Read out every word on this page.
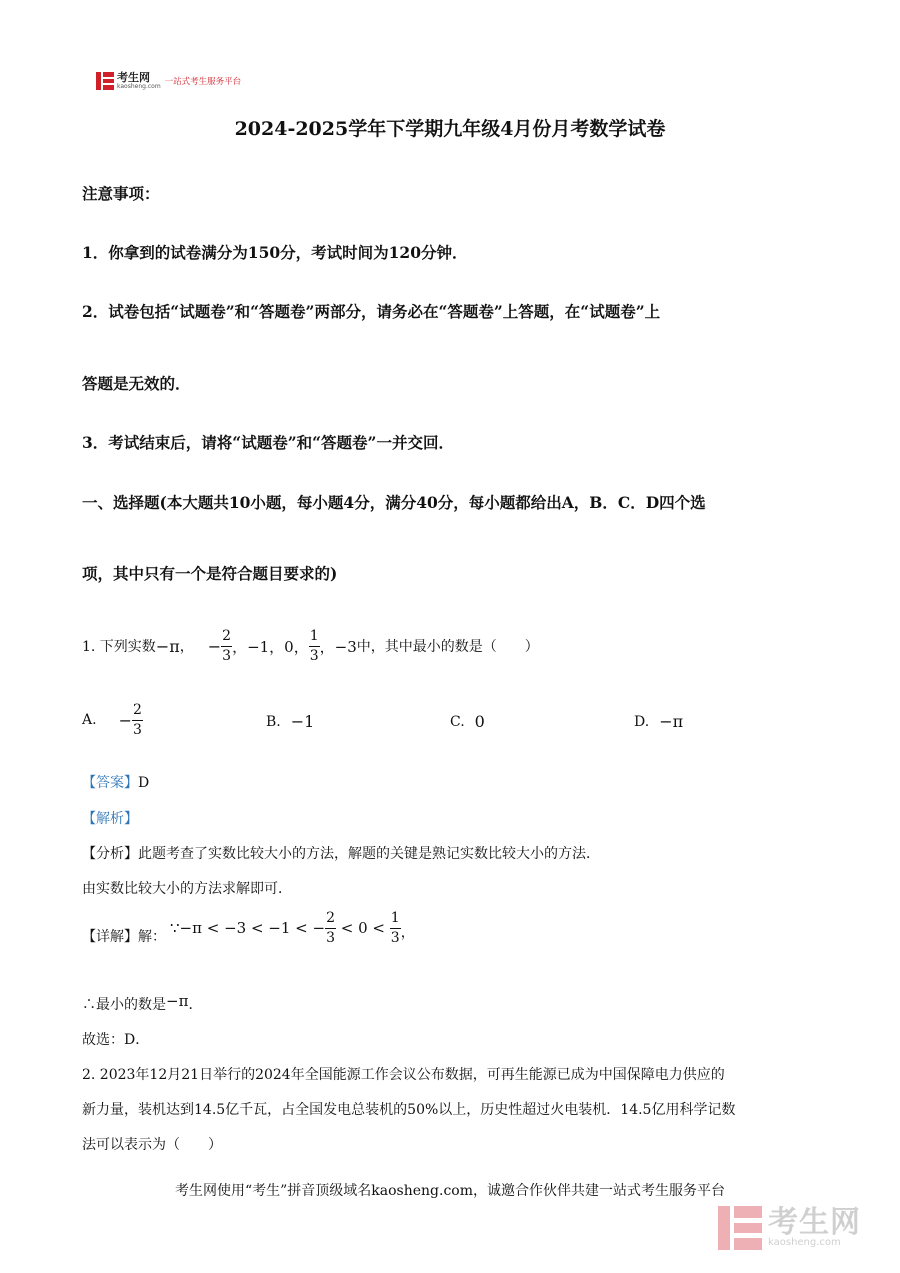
考生网
kaosheng.com 一站式考生服务平台
2024-2025学年下学期九年级4月份月考数学试卷
注意事项：
1．你拿到的试卷满分为150分，考试时间为120分钟．
2．试卷包括“试题卷”和“答题卷”两部分，请务必在“答题卷”上答题，在“试题卷”上
答题是无效的．
3．考试结束后，请将“试题卷”和“答题卷”一并交回．
一、选择题(本大题共10小题，每小题4分，满分40分，每小题都给出A，B．C．D四个选
项，其中只有一个是符合题目要求的)
1. 下列实数 −π ， − $\frac{2}{3}$ ，−1，0， $\frac{1}{3}$ ，−3 中，其中最小的数是（　　）
A. − $\frac{2}{3}$	B. −1	C. 0	D. −π
【答案】D
【解析】
【分析】此题考查了实数比较大小的方法，解题的关键是熟记实数比较大小的方法．
由实数比较大小的方法求解即可．
【详解】 解： ∵−π < −3 < −1 < − $\frac{2}{3} < 0 < \frac{1}{3}$ ，
∴最小的数是 −π ．
故选：D．
2. 2023年12月21日举行的2024年全国能源工作会议公布数据，可再生能源已成为中国保障电力供应的
新力量，装机达到14.5亿千瓦，占全国发电总装机的50%以上，历史性超过火电装机．14.5亿用科学记数
法可以表示为（　　）
考生网使用“考生”拼音顶级域名kaosheng.com，诚邀合作伙伴共建一站式考生服务平台
考生网
kaosheng.com
